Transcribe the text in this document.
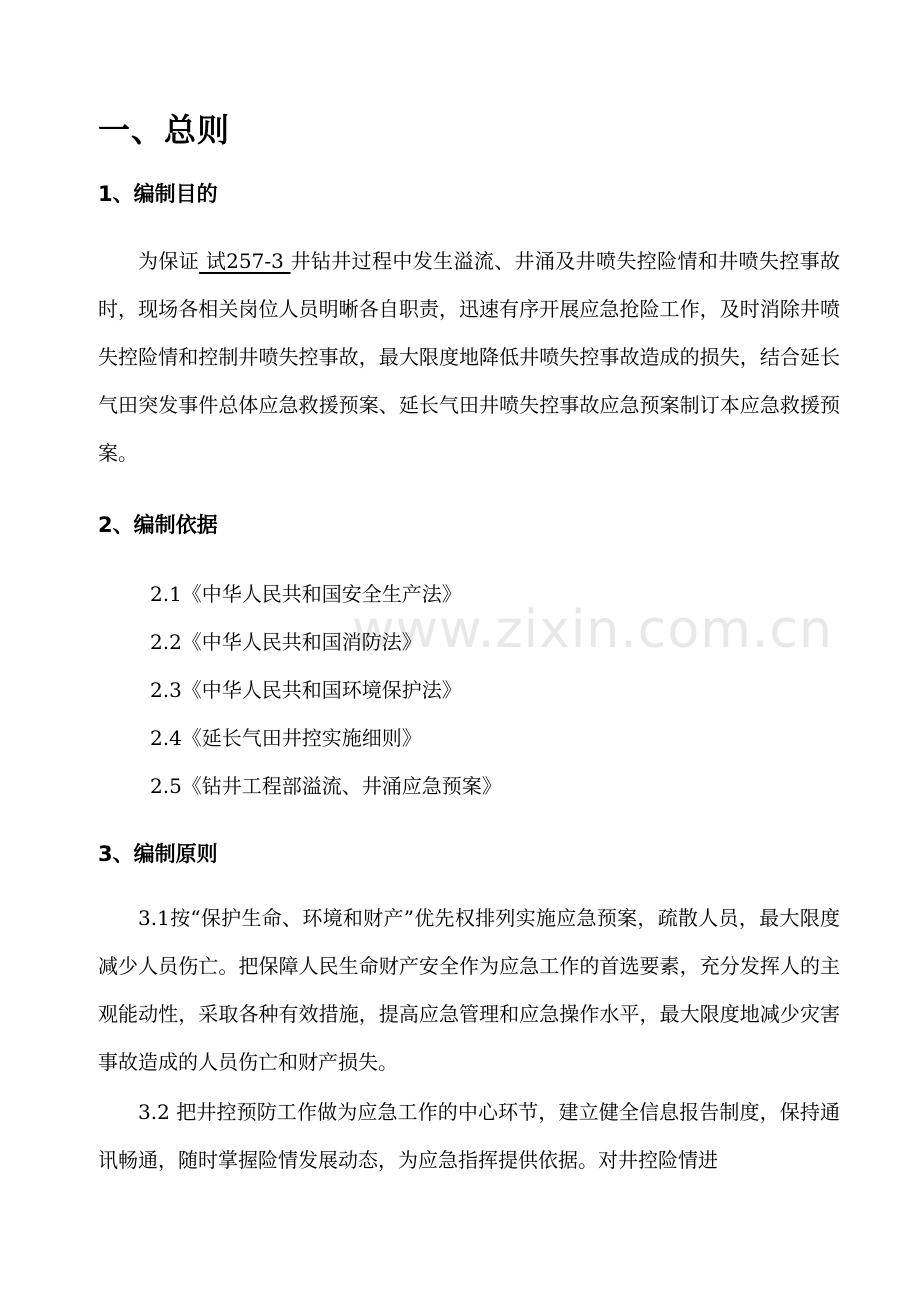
www.zixin.com.cn
一、总则
1、编制目的

为保证 试257-3 井钻井过程中发生溢流、井涌及井喷失控险情和井喷失控事故时，现场各相关岗位人员明晰各自职责，迅速有序开展应急抢险工作，及时消除井喷失控险情和控制井喷失控事故，最大限度地降低井喷失控事故造成的损失，结合延长气田突发事件总体应急救援预案、延长气田井喷失控事故应急预案制订本应急救援预案。

2、编制依据
2.1《中华人民共和国安全生产法》
2.2《中华人民共和国消防法》
2.3《中华人民共和国环境保护法》
2.4《延长气田井控实施细则》
2.5《钻井工程部溢流、井涌应急预案》
3、编制原则

3.1按“保护生命、环境和财产”优先权排列实施应急预案，疏散人员，最大限度减少人员伤亡。把保障人民生命财产安全作为应急工作的首选要素，充分发挥人的主观能动性，采取各种有效措施，提高应急管理和应急操作水平，最大限度地减少灾害事故造成的人员伤亡和财产损失。

3.2 把井控预防工作做为应急工作的中心环节，建立健全信息报告制度，保持通讯畅通，随时掌握险情发展动态，为应急指挥提供依据。对井控险情进
